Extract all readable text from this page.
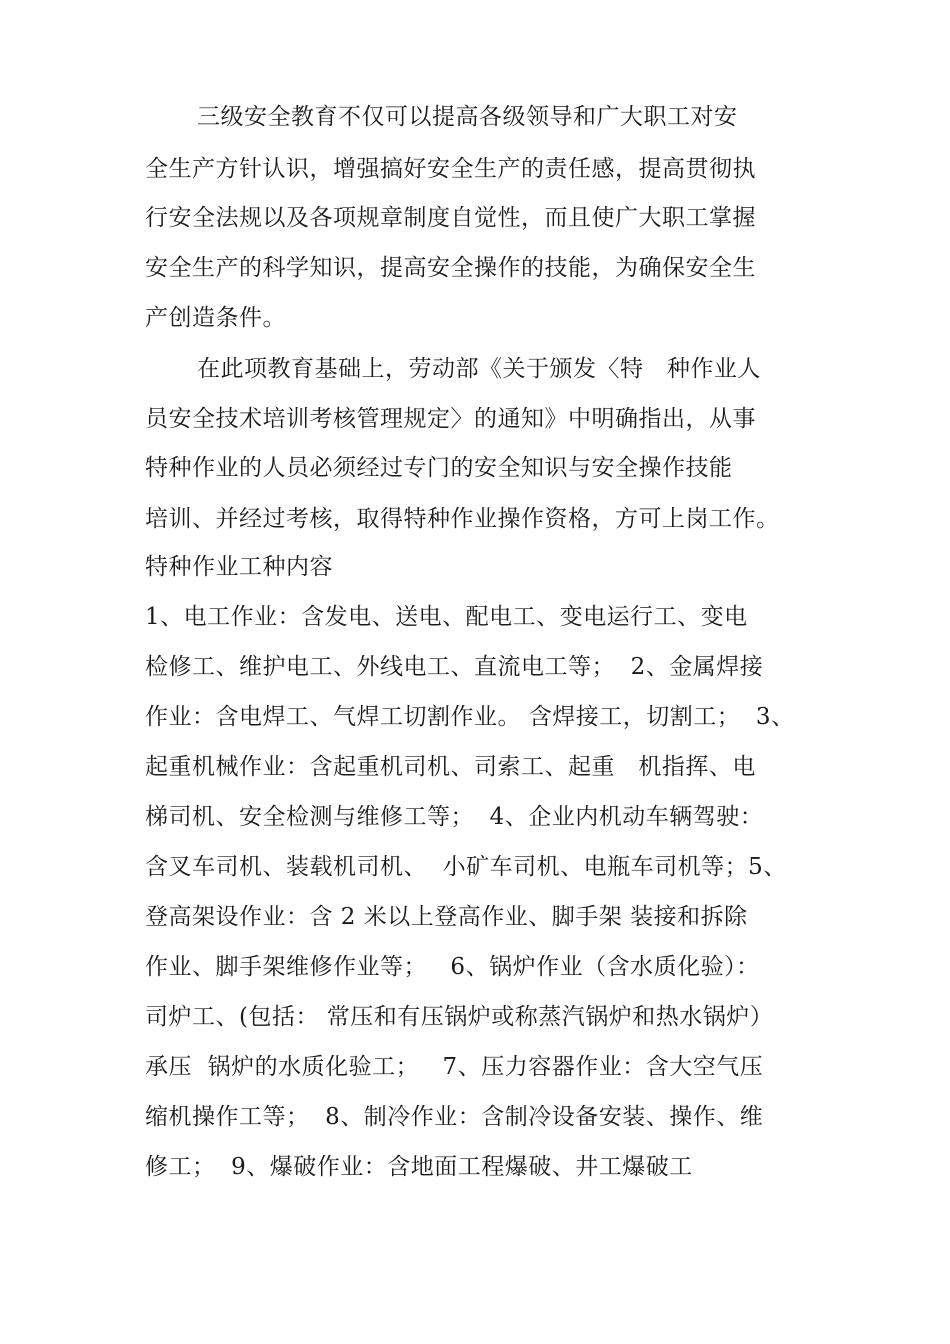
三级安全教育不仅可以提高各级领导和广大职工对安
全生产方针认识，增强搞好安全生产的责任感，提高贯彻执
行安全法规以及各项规章制度自觉性，而且使广大职工掌握
安全生产的科学知识，提高安全操作的技能，为确保安全生
产创造条件。
在此项教育基础上，劳动部《关于颁发〈特   种作业人
员安全技术培训考核管理规定〉的通知》中明确指出，从事
特种作业的人员必须经过专门的安全知识与安全操作技能
培训、并经过考核，取得特种作业操作资格，方可上岗工作。
特种作业工种内容
1、电工作业：含发电、送电、配电工、变电运行工、变电
检修工、维护电工、外线电工、直流电工等；  2、金属焊接
作业：含电焊工、气焊工切割作业。 含焊接工，切割工；  3、
起重机械作业：含起重机司机、司索工、起重   机指挥、电
梯司机、安全检测与维修工等；  4、企业内机动车辆驾驶：
含叉车司机、装载机司机、  小矿车司机、电瓶车司机等；5、
登高架设作业：含 2 米以上登高作业、脚手架 装接和拆除
作业、脚手架维修作业等；   6、锅炉作业（含水质化验）：
司炉工、(包括： 常压和有压锅炉或称蒸汽锅炉和热水锅炉）
承压  锅炉的水质化验工；   7、压力容器作业：含大空气压
缩机操作工等；  8、制冷作业：含制冷设备安装、操作、维
修工；  9、爆破作业：含地面工程爆破、井工爆破工
